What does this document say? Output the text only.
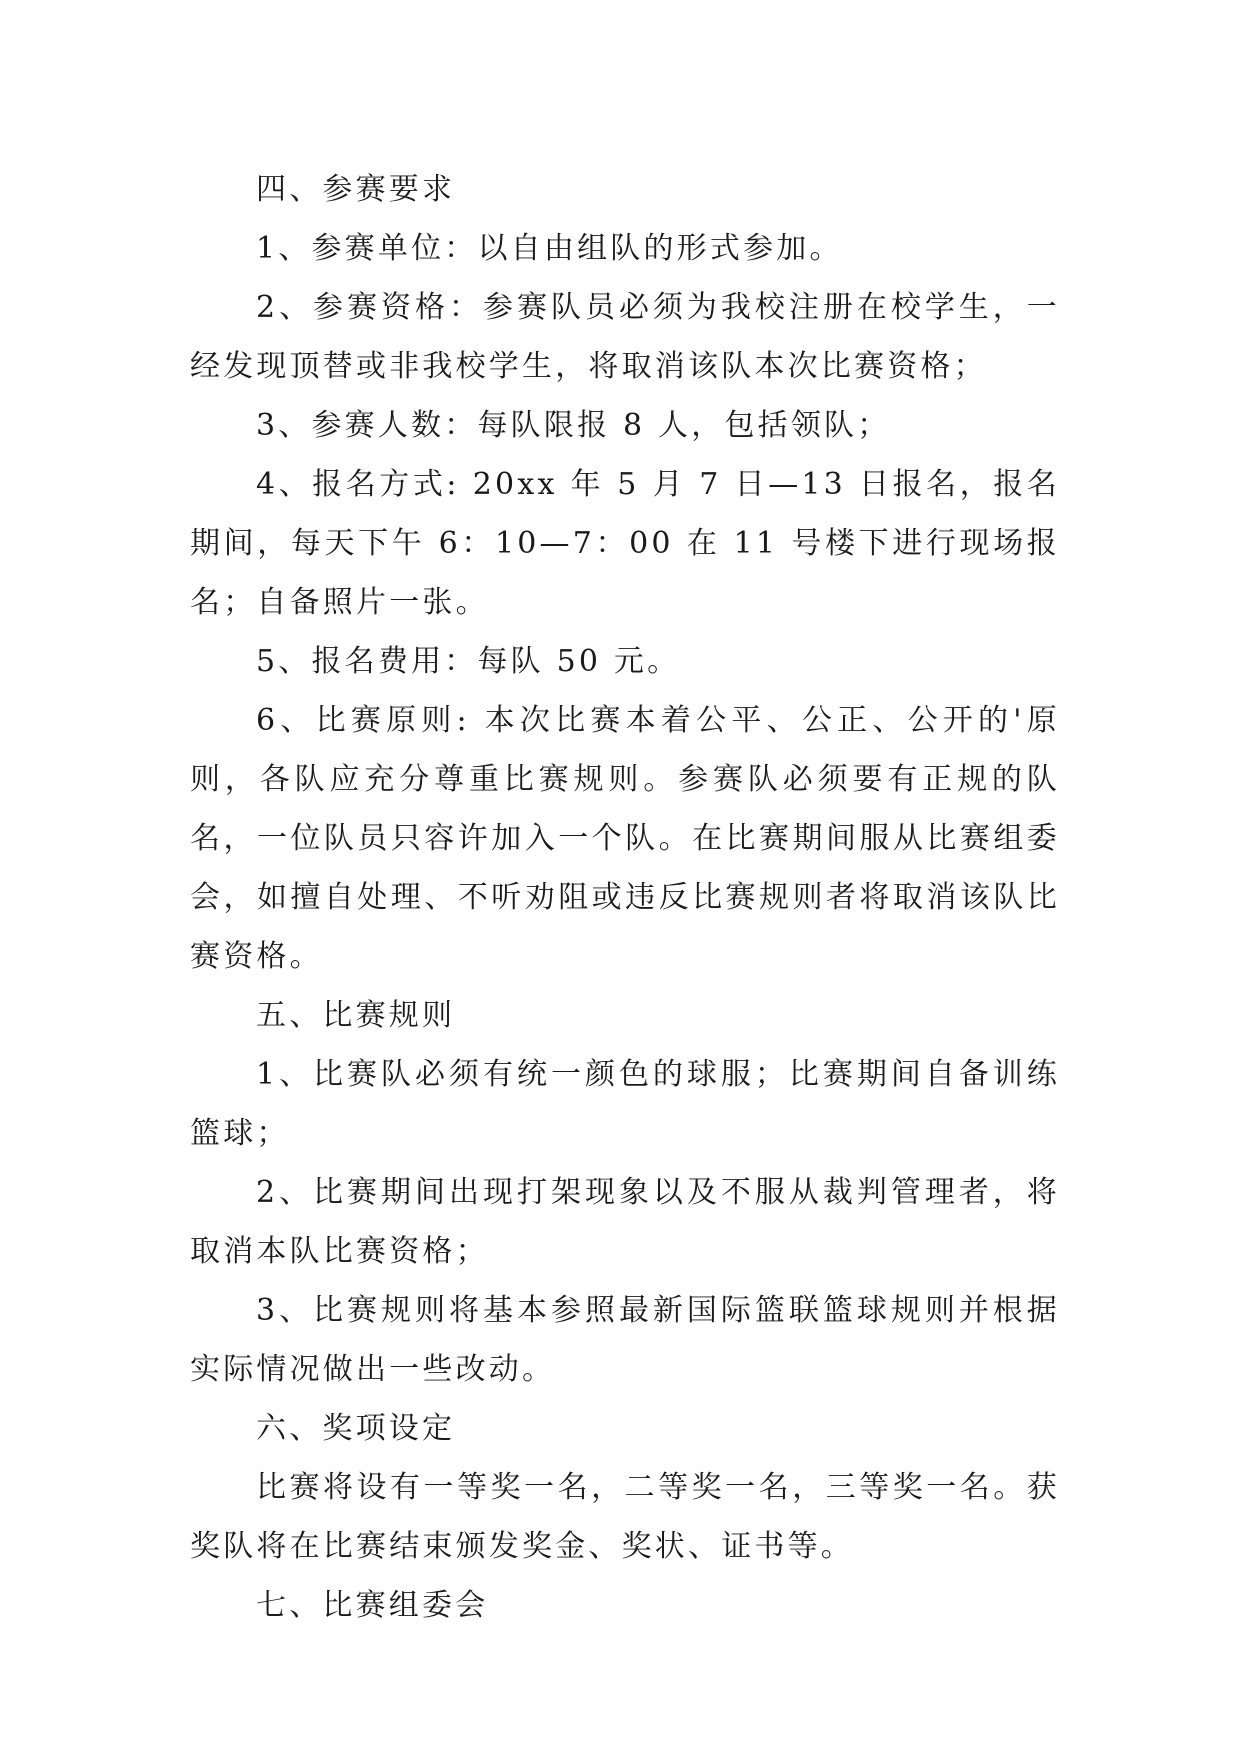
四、参赛要求

1、参赛单位：以自由组队的形式参加。

2、参赛资格：参赛队员必须为我校注册在校学生，一经发现顶替或非我校学生，将取消该队本次比赛资格；

3、参赛人数：每队限报 8 人，包括领队；

4、报名方式: 20xx 年 5 月 7 日—13 日报名，报名期间，每天下午 6：10—7：00 在 11 号楼下进行现场报名；自备照片一张。

5、报名费用：每队 50 元。

6、比赛原则: 本次比赛本着公平、公正、公开的'原则，各队应充分尊重比赛规则。参赛队必须要有正规的队名，一位队员只容许加入一个队。在比赛期间服从比赛组委会，如擅自处理、不听劝阻或违反比赛规则者将取消该队比赛资格。

五、比赛规则

1、比赛队必须有统一颜色的球服；比赛期间自备训练篮球；

2、比赛期间出现打架现象以及不服从裁判管理者，将取消本队比赛资格；

3、比赛规则将基本参照最新国际篮联篮球规则并根据实际情况做出一些改动。

六、奖项设定

比赛将设有一等奖一名，二等奖一名，三等奖一名。获奖队将在比赛结束颁发奖金、奖状、证书等。

七、比赛组委会
